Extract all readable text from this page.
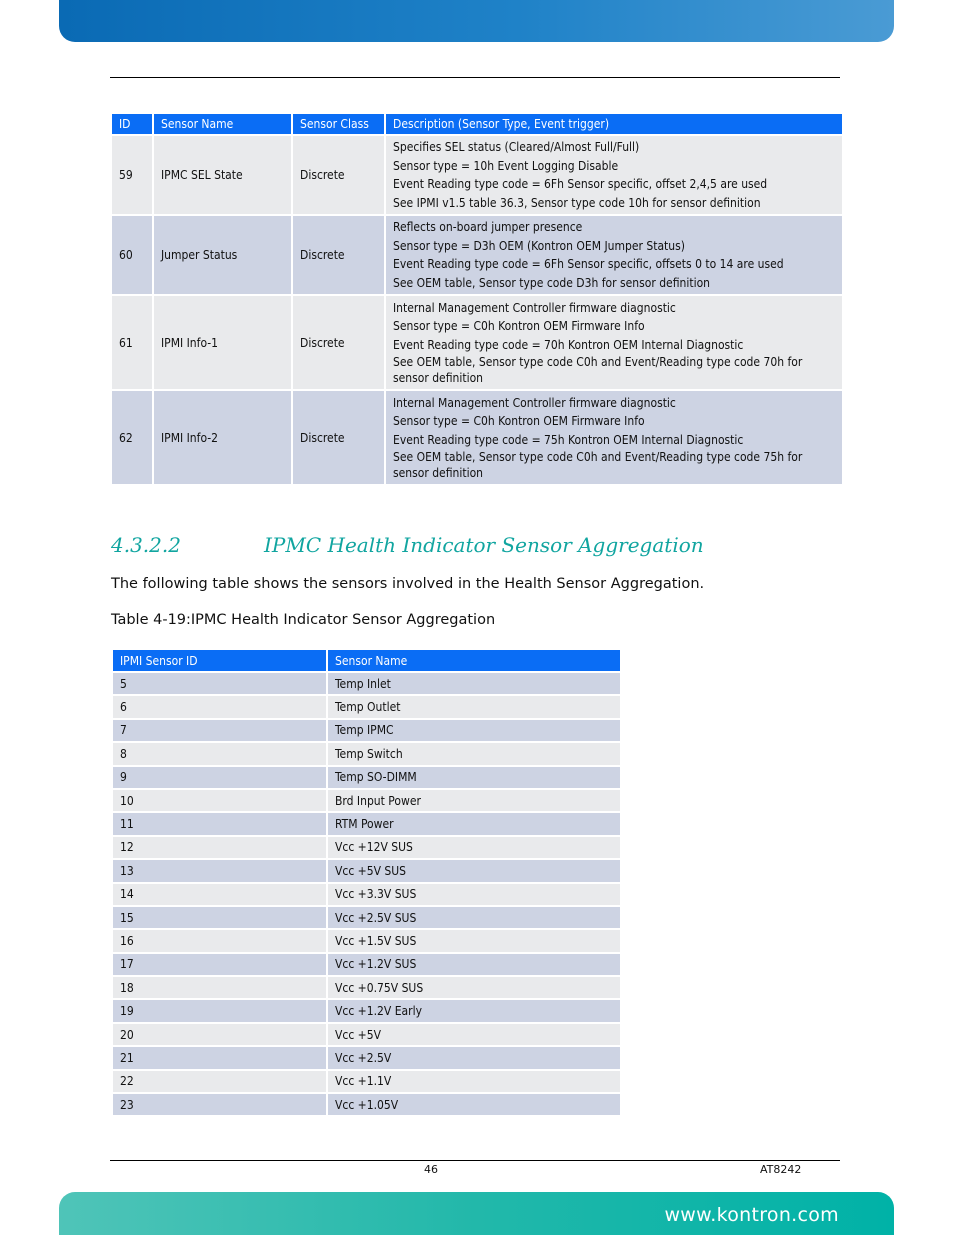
ID	Sensor Name	Sensor Class	Description (Sensor Type, Event trigger)
59	IPMC SEL State	Discrete	Specifies SEL status (Cleared/Almost Full/Full)
Sensor type = 10h Event Logging Disable
Event Reading type code = 6Fh Sensor specific, offset 2,4,5 are used
See IPMI v1.5 table 36.3, Sensor type code 10h for sensor definition

60	Jumper Status	Discrete	Reflects on-board jumper presence
Sensor type = D3h OEM (Kontron OEM Jumper Status)
Event Reading type code = 6Fh Sensor specific, offsets 0 to 14 are used
See OEM table, Sensor type code D3h for sensor definition

61	IPMI Info-1	Discrete	Internal Management Controller firmware diagnostic
Sensor type = C0h Kontron OEM Firmware Info
Event Reading type code = 70h Kontron OEM Internal Diagnostic
See OEM table, Sensor type code C0h and Event/Reading type code 70h for
sensor definition

62	IPMI Info-2	Discrete	Internal Management Controller firmware diagnostic
Sensor type = C0h Kontron OEM Firmware Info
Event Reading type code = 75h Kontron OEM Internal Diagnostic
See OEM table, Sensor type code C0h and Event/Reading type code 75h for
sensor definition
4.3.2.2	IPMC Health Indicator Sensor Aggregation
The following table shows the sensors involved in the Health Sensor Aggregation.
Table 4-19:IPMC Health Indicator Sensor Aggregation
IPMI Sensor ID	Sensor Name
5	Temp Inlet
6	Temp Outlet
7	Temp IPMC
8	Temp Switch
9	Temp SO-DIMM
10	Brd Input Power
11	RTM Power
12	Vcc +12V SUS
13	Vcc +5V SUS
14	Vcc +3.3V SUS
15	Vcc +2.5V SUS
16	Vcc +1.5V SUS
17	Vcc +1.2V SUS
18	Vcc +0.75V SUS
19	Vcc +1.2V Early
20	Vcc +5V
21	Vcc +2.5V
22	Vcc +1.1V
23	Vcc +1.05V
46	AT8242
www.kontron.com
